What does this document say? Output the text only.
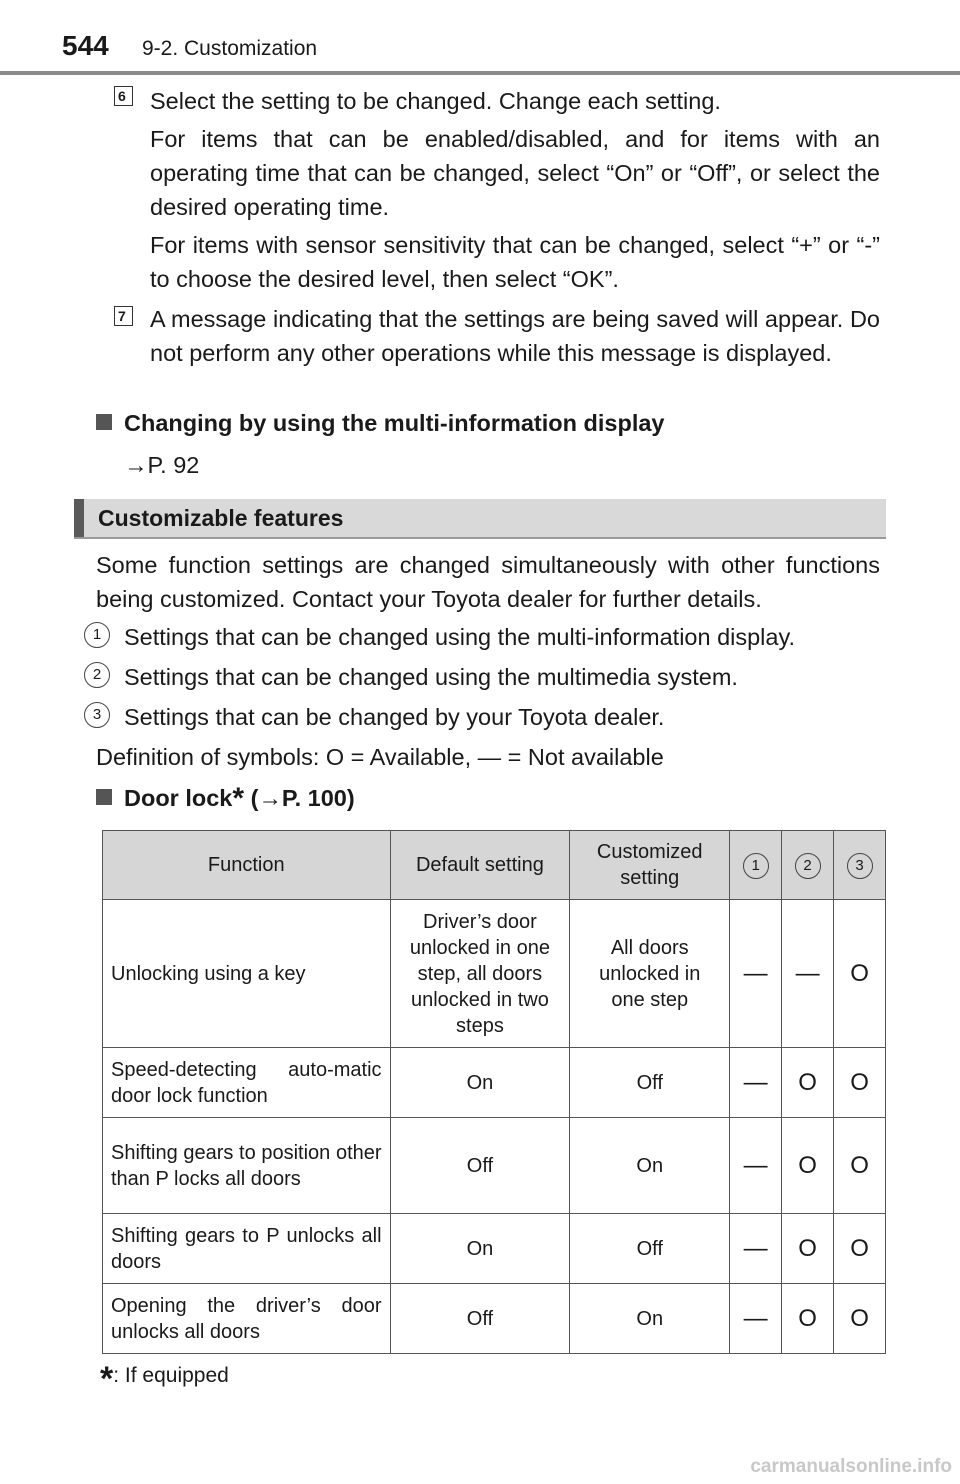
544 9-2. Customization
6	Select the setting to be changed. Change each setting.
For items that can be enabled/disabled, and for items with an operating time that can be changed, select “On” or “Off”, or select the desired operating time.
For items with sensor sensitivity that can be changed, select “+” or “-” to choose the desired level, then select “OK”.
7	A message indicating that the settings are being saved will appear. Do not perform any other operations while this message is displayed.
Changing by using the multi-information display
→P. 92
Customizable features
Some function settings are changed simultaneously with other functions being customized. Contact your Toyota dealer for further details.
1 Settings that can be changed using the multi-information display.
2 Settings that can be changed using the multimedia system.
3 Settings that can be changed by your Toyota dealer.
Definition of symbols: O = Available, — = Not available
Door lock* (→P. 100)
Function	Default setting	Customized setting	1	2	3
Unlocking using a key	Driver’s door unlocked in one step, all doors unlocked in two steps	All doors unlocked in one step	—	—	O
Speed-detecting auto-matic door lock function	On	Off	—	O	O
Shifting gears to position other than P locks all doors	Off	On	—	O	O
Shifting gears to P unlocks all doors	On	Off	—	O	O
Opening the driver’s door unlocks all doors	Off	On	—	O	O
*: If equipped
carmanualsonline.info
